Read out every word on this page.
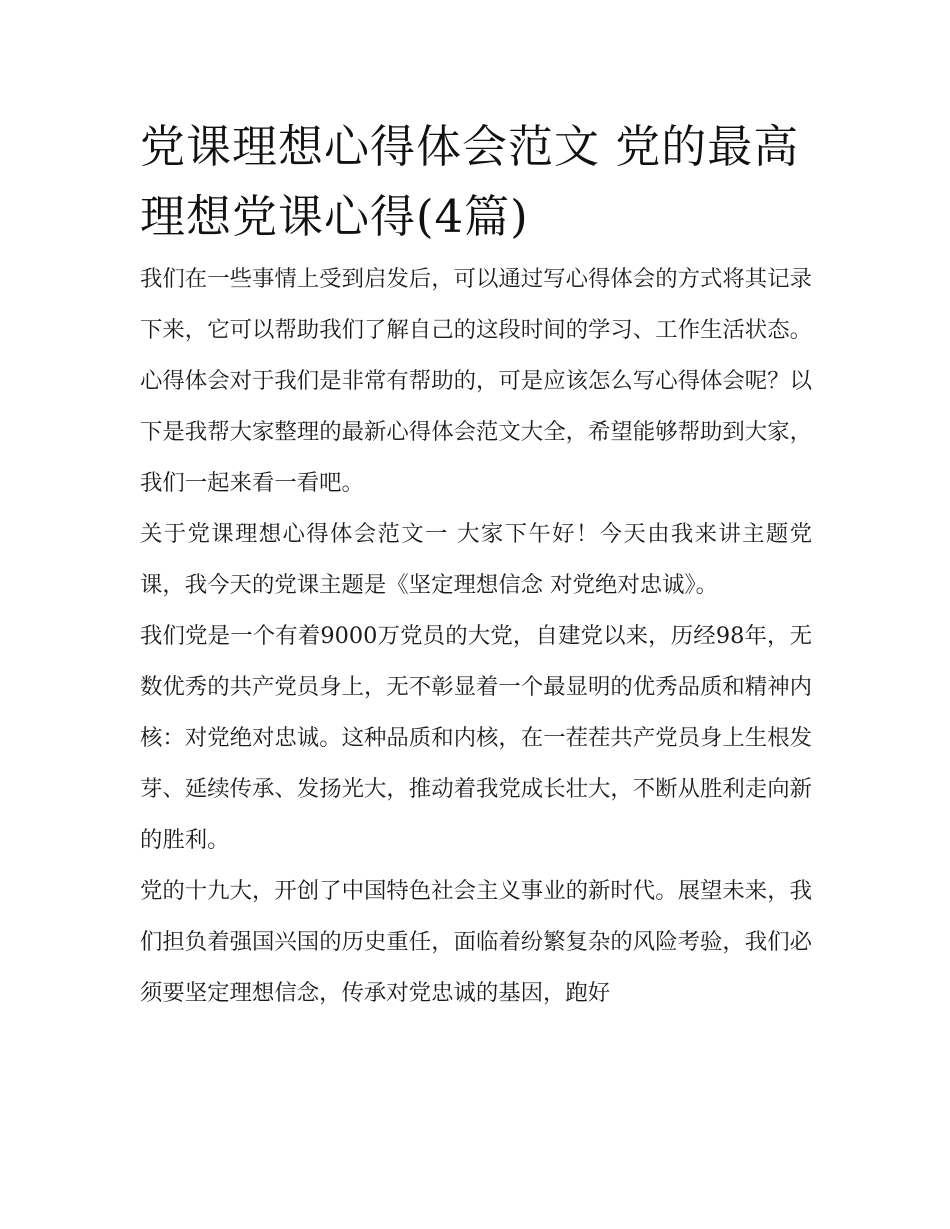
党课理想心得体会范文 党的最高理想党课心得(4篇)

我们在一些事情上受到启发后，可以通过写心得体会的方式将其记录下来，它可以帮助我们了解自己的这段时间的学习、工作生活状态。心得体会对于我们是非常有帮助的，可是应该怎么写心得体会呢？以下是我帮大家整理的最新心得体会范文大全，希望能够帮助到大家，我们一起来看一看吧。

关于党课理想心得体会范文一 大家下午好！今天由我来讲主题党课，我今天的党课主题是《坚定理想信念 对党绝对忠诚》。

我们党是一个有着9000万党员的大党，自建党以来，历经98年，无数优秀的共产党员身上，无不彰显着一个最显明的优秀品质和精神内核：对党绝对忠诚。这种品质和内核，在一茬茬共产党员身上生根发芽、延续传承、发扬光大，推动着我党成长壮大，不断从胜利走向新的胜利。

党的十九大，开创了中国特色社会主义事业的新时代。展望未来，我们担负着强国兴国的历史重任，面临着纷繁复杂的风险考验，我们必须要坚定理想信念，传承对党忠诚的基因，跑好
